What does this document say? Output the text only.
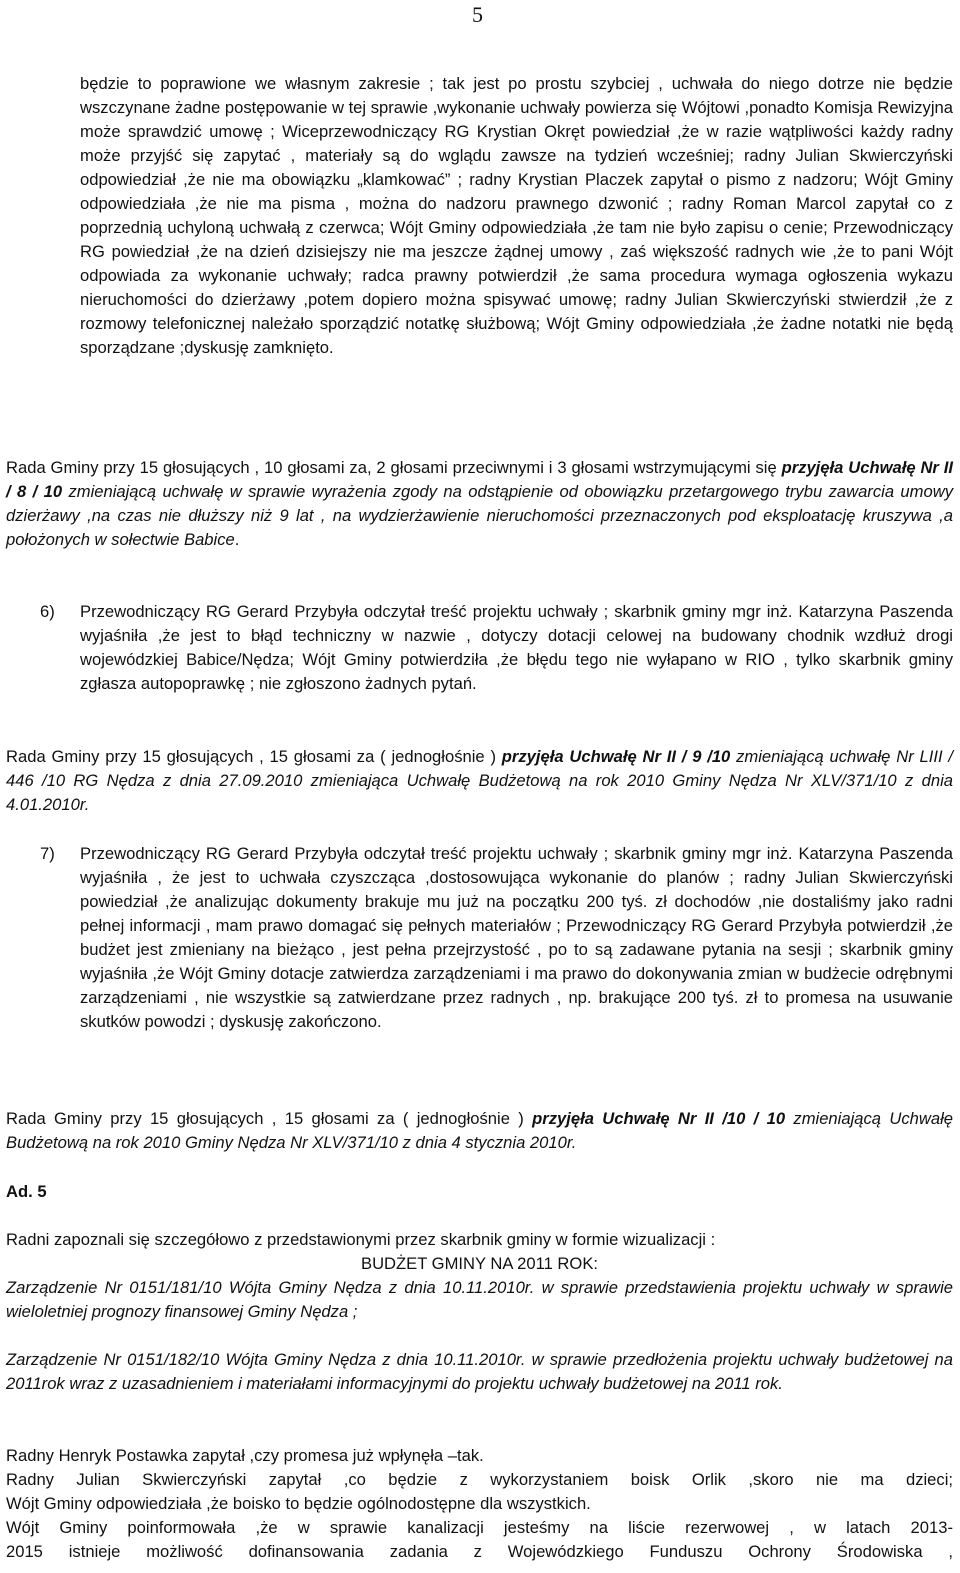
5

będzie to poprawione we własnym zakresie ; tak jest po prostu szybciej , uchwała do niego dotrze nie będzie wszczynane żadne postępowanie w tej sprawie ,wykonanie uchwały powierza się Wójtowi ,ponadto Komisja Rewizyjna może sprawdzić umowę ; Wiceprzewodniczący RG Krystian Okręt powiedział ,że w razie wątpliwości każdy radny może przyjść się zapytać , materiały są do wglądu zawsze na tydzień wcześniej; radny Julian Skwierczyński odpowiedział ,że nie ma obowiązku „klamkować” ; radny Krystian Placzek zapytał o pismo z nadzoru; Wójt Gminy odpowiedziała ,że nie ma pisma , można do nadzoru prawnego dzwonić ; radny Roman Marcol zapytał co z poprzednią uchyloną uchwałą z czerwca; Wójt Gminy odpowiedziała ,że tam nie było zapisu o cenie; Przewodniczący RG powiedział ,że na dzień dzisiejszy nie ma jeszcze żądnej umowy , zaś większość radnych wie ,że to pani Wójt odpowiada za wykonanie uchwały; radca prawny potwierdził ,że sama procedura wymaga ogłoszenia wykazu nieruchomości do dzierżawy ,potem dopiero można spisywać umowę; radny Julian Skwierczyński stwierdził ,że z rozmowy telefonicznej należało sporządzić notatkę służbową; Wójt Gminy odpowiedziała ,że żadne notatki nie będą sporządzane ;dyskusję zamknięto.

Rada Gminy przy 15 głosujących , 10 głosami za, 2 głosami przeciwnymi i 3 głosami wstrzymującymi się przyjęła Uchwałę Nr II / 8 / 10 zmieniającą uchwałę w sprawie wyrażenia zgody na odstąpienie od obowiązku przetargowego trybu zawarcia umowy dzierżawy ,na czas nie dłuższy niż 9 lat , na wydzierżawienie nieruchomości przeznaczonych pod eksploatację kruszywa ,a położonych w sołectwie Babice.

6) Przewodniczący RG Gerard Przybyła odczytał treść projektu uchwały ; skarbnik gminy mgr inż. Katarzyna Paszenda wyjaśniła ,że jest to błąd techniczny w nazwie , dotyczy dotacji celowej na budowany chodnik wzdłuż drogi wojewódzkiej Babice/Nędza; Wójt Gminy potwierdziła ,że błędu tego nie wyłapano w RIO , tylko skarbnik gminy zgłasza autopoprawkę ; nie zgłoszono żadnych pytań.

Rada Gminy przy 15 głosujących , 15 głosami za ( jednogłośnie ) przyjęła Uchwałę Nr II / 9 /10 zmieniającą uchwałę Nr LIII / 446 /10 RG Nędza z dnia 27.09.2010 zmieniająca Uchwałę Budżetową na rok 2010 Gminy Nędza Nr XLV/371/10 z dnia 4.01.2010r.

7) Przewodniczący RG Gerard Przybyła odczytał treść projektu uchwały ; skarbnik gminy mgr inż. Katarzyna Paszenda wyjaśniła , że jest to uchwała czyszcząca ,dostosowująca wykonanie do planów ; radny Julian Skwierczyński powiedział ,że analizując dokumenty brakuje mu już na początku 200 tyś. zł dochodów ,nie dostaliśmy jako radni pełnej informacji , mam prawo domagać się pełnych materiałów ; Przewodniczący RG Gerard Przybyła potwierdził ,że budżet jest zmieniany na bieżąco , jest pełna przejrzystość , po to są zadawane pytania na sesji ; skarbnik gminy wyjaśniła ,że Wójt Gminy dotacje zatwierdza zarządzeniami i ma prawo do dokonywania zmian w budżecie odrębnymi zarządzeniami , nie wszystkie są zatwierdzane przez radnych , np. brakujące 200 tyś. zł to promesa na usuwanie skutków powodzi ; dyskusję zakończono.

Rada Gminy przy 15 głosujących , 15 głosami za ( jednogłośnie ) przyjęła Uchwałę Nr II /10 / 10 zmieniającą Uchwałę Budżetową na rok 2010 Gminy Nędza Nr XLV/371/10 z dnia 4 stycznia 2010r.

Ad. 5

Radni zapoznali się szczegółowo z przedstawionymi przez skarbnik gminy w formie wizualizacji :

BUDŻET GMINY NA 2011 ROK:

Zarządzenie Nr 0151/181/10 Wójta Gminy Nędza z dnia 10.11.2010r. w sprawie przedstawienia projektu uchwały w sprawie wieloletniej prognozy finansowej Gminy Nędza ;

Zarządzenie Nr 0151/182/10 Wójta Gminy Nędza z dnia 10.11.2010r. w sprawie przedłożenia projektu uchwały budżetowej na 2011rok wraz z uzasadnieniem i materiałami informacyjnymi do projektu uchwały budżetowej na 2011 rok.

Radny Henryk Postawka zapytał ,czy promesa już wpłynęła –tak.

Radny Julian Skwierczyński zapytał ,co będzie z wykorzystaniem boisk Orlik ,skoro nie ma dzieci;

Wójt Gminy odpowiedziała ,że boisko to będzie ogólnodostępne dla wszystkich.

Wójt Gminy poinformowała ,że w sprawie kanalizacji jesteśmy na liście rezerwowej , w latach 2013-

2015 istnieje możliwość dofinansowania zadania z Wojewódzkiego Funduszu Ochrony Środowiska ,
